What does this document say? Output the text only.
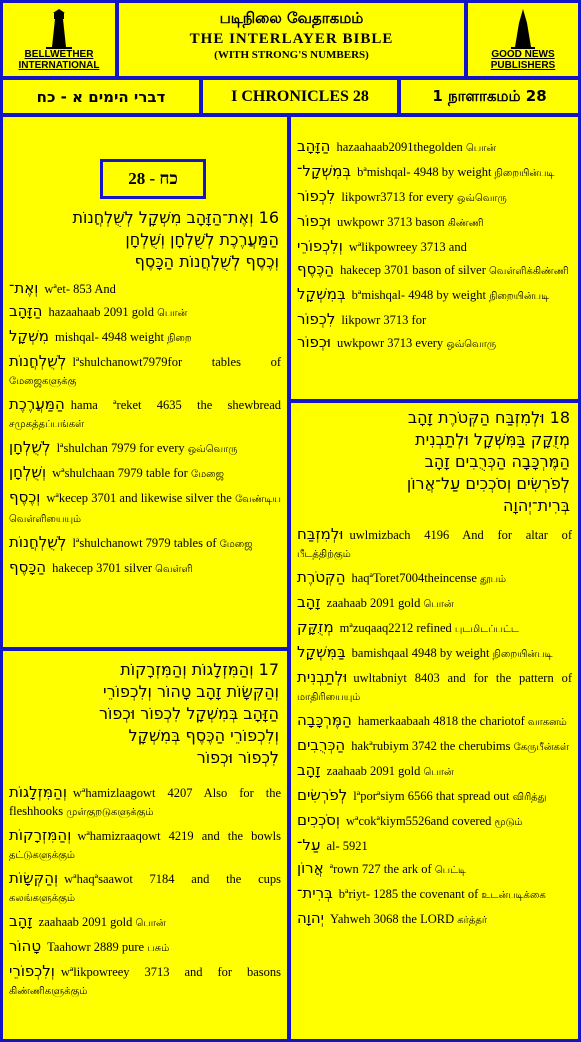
BELLWETHER
INTERNATIONAL
படிநிலை வேதாகமம்
THE INTERLAYER BIBLE
(WITH STRONG'S NUMBERS)	GOOD NEWS
PUBLISHERS
דברי הימים א - כח	I CHRONICLES 28	1 நாளாகமம் 28
16 וְאֶת־הַזָּהָב מִשְׁקָל לְשֻׁלְחֲנוֹת
הַמַּעֲרֶכֶת לְשֻׁלְחָן וְשֻׁלְחָן
וְכֶסֶף לְשֻׁלְחֲנוֹת הַכָּסֶף
וְאֶת־ wªet- 853 And
הַזָּהָב hazaahaab 2091 gold பொன்
מִשְׁקָל mishqal- 4948 weight நிறை
לְשֻׁלְחֲנוֹת lªshulchanowt7979for tables of மேஜைகளுக்கு
הַמַּעֲרֶכֶת hama ªreket 4635 the shewbread சமுகத்தப்பங்கள்
לְשֻׁלְחָן lªshulchan 7979 for every ஒவ்வொரு
וְשֻׁלְחָן wªshulchaan 7979 table for மேஜை
וְכֶסֶף wªkecep 3701 and likewise silver the வேண்டிய வெள்ளியையும்
לְשֻׁלְחֲנוֹת lªshulchanowt 7979 tables of மேஜை
הַכָּסֶף hakecep 3701 silver வெள்ளி
28 - כח
17 וְהַמִּזְלָגוֹת וְהַמִּזְרָקוֹת
וְהַקְּשָׂוֹת זָהָב טָהוֹר וְלִכְפוֹרֵי
הַזָּהָב בְּמִשְׁקָל לִכְפוֹר וּכְפוֹר
וְלִכְפוֹרֵי הַכֶּסֶף בְּמִשְׁקָל
לִכְפוֹר וּכְפוֹר
וְהַמִּזְלָגוֹת wªhamizlaagowt 4207 Also for the fleshhooks முள்குறடுகளுக்கும்
וְהַמִּזְרָקוֹת wªhamizraaqowt 4219 and the bowls தட்டுகளுக்கும்
וְהַקְּשָׂוֹת wªhaqªsaawot 7184 and the cups கலங்களுக்கும்
זָהָב zaahaab 2091 gold பொன்
טָהוֹר Taahowr 2889 pure பசும்
וְלִכְפוֹרֵי wªlikpowreey 3713 and for basons கிண்ணிகளுக்கும்
הַזָּהָב hazaahaab2091thegolden பொன்
בְּמִשְׁקָל־ bªmishqal- 4948 by weight நிறையின்படி
לִכְפוֹר likpowr3713 for every ஒவ்வொரு
וּכְפוֹר uwkpowr 3713 bason கிண்ணி
וְלִכְפוֹרֵי wªlikpowreey 3713 and
הַכֶּסֶף hakecep 3701 bason of silver வெள்ளிக்கிண்ணி
בְּמִשְׁקָל bªmishqal- 4948 by weight நிறையின்படி
לִכְפוֹר likpowr 3713 for
וּכְפוֹר uwkpowr 3713 every ஒவ்வொரு
18 וּלְמִזְבַּח הַקְּטֹרֶת זָהָב
מְזֻקָּק בַּמִּשְׁקָל וּלְתַבְנִית
הַמֶּרְכָּבָה הַכְּרֻבִים זָהָב
לְפֹרְשִׂים וְסֹכְכִים עַל־אֲרוֹן
בְּרִית־יְהוָה
וּלְמִזְבַּח uwlmizbach 4196 And for altar of பீடத்திற்கும்
הַקְּטֹרֶת haqªToret7004theincense தூபம்
זָהָב zaahaab 2091 gold பொன்
מְזֻקָּק mªzuqaaq2212 refined புடமிடப்பட்ட
בַּמִּשְׁקָל bamishqaal 4948 by weight நிறையின்படி
וּלְתַבְנִית uwltabniyt 8403 and for the pattern of மாதிரியையும்
הַמֶּרְכָּבָה hamerkaabaah 4818 the chariotof வாகனம்
הַכְּרֻבִים hakªrubiym 3742 the cherubims கேருபீன்கள்
זָהָב zaahaab 2091 gold பொன்
לְפֹרְשִׂים lªporªsiym 6566 that spread out விரித்து
וְסֹכְכִים wªcokªkiym5526and covered மூடும்
עַל־ al- 5921
אֲרוֹן ªrown 727 the ark of பெட்டி
בְּרִית־ bªriyt- 1285 the covenant of உடன்படிக்கை
יְהוָה Yahweh 3068 the LORD கர்த்தர்
